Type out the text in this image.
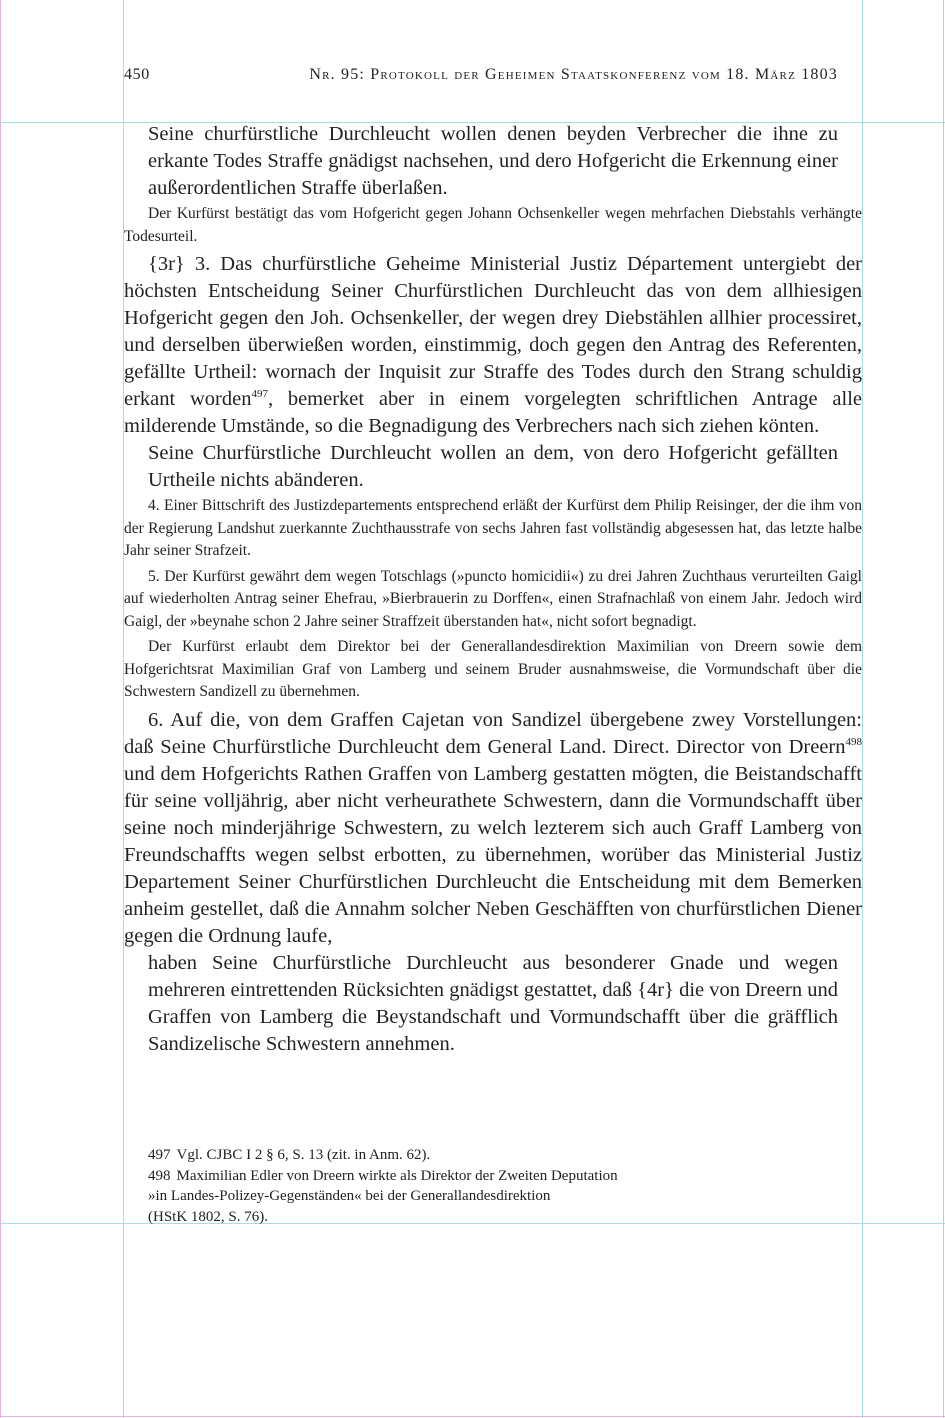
450	Nr. 95: Protokoll der Geheimen Staatskonferenz vom 18. März 1803

Seine churfürstliche Durchleucht wollen denen beyden Verbrecher die ihne zu erkante Todes Straffe gnädigst nachsehen, und dero Hofgericht die Erkennung einer außerordentlichen Straffe überlaßen.

Der Kurfürst bestätigt das vom Hofgericht gegen Johann Ochsenkeller wegen mehrfachen Diebstahls verhängte Todesurteil.

{3r} 3. Das churfürstliche Geheime Ministerial Justiz Département untergiebt der höchsten Entscheidung Seiner Churfürstlichen Durchleucht das von dem allhiesigen Hofgericht gegen den Joh. Ochsenkeller, der wegen drey Diebstählen allhier processiret, und derselben überwießen worden, einstimmig, doch gegen den Antrag des Referenten, gefällte Urtheil: wornach der Inquisit zur Straffe des Todes durch den Strang schuldig erkant worden$^{497}$, bemerket aber in einem vorgelegten schriftlichen Antrage alle milderende Umstände, so die Begnadigung des Verbrechers nach sich ziehen könten.

Seine Churfürstliche Durchleucht wollen an dem, von dero Hofgericht gefällten Urtheile nichts abänderen.

4. Einer Bittschrift des Justizdepartements entsprechend erläßt der Kurfürst dem Philip Reisinger, der die ihm von der Regierung Landshut zuerkannte Zuchthausstrafe von sechs Jahren fast vollständig abgesessen hat, das letzte halbe Jahr seiner Strafzeit.

5. Der Kurfürst gewährt dem wegen Totschlags (»puncto homicidii«) zu drei Jahren Zuchthaus verurteilten Gaigl auf wiederholten Antrag seiner Ehefrau, »Bierbrauerin zu Dorffen«, einen Strafnachlaß von einem Jahr. Jedoch wird Gaigl, der »beynahe schon 2 Jahre seiner Straffzeit überstanden hat«, nicht sofort begnadigt.

Der Kurfürst erlaubt dem Direktor bei der Generallandesdirektion Maximilian von Dreern sowie dem Hofgerichtsrat Maximilian Graf von Lamberg und seinem Bruder ausnahmsweise, die Vormundschaft über die Schwestern Sandizell zu übernehmen.

6. Auf die, von dem Graffen Cajetan von Sandizel übergebene zwey Vorstellungen: daß Seine Churfürstliche Durchleucht dem General Land. Direct. Director von Dreern$^{498}$ und dem Hofgerichts Rathen Graffen von Lamberg gestatten mögten, die Beistandschafft für seine volljährig, aber nicht verheurathete Schwestern, dann die Vormundschafft über seine noch minderjährige Schwestern, zu welch lezterem sich auch Graff Lamberg von Freundschaffts wegen selbst erbotten, zu übernehmen, worüber das Ministerial Justiz Departement Seiner Churfürstlichen Durchleucht die Entscheidung mit dem Bemerken anheim gestellet, daß die Annahm solcher Neben Geschäfften von churfürstlichen Diener gegen die Ordnung laufe,

haben Seine Churfürstliche Durchleucht aus besonderer Gnade und wegen mehreren eintrettenden Rücksichten gnädigst gestattet, daß {4r} die von Dreern und Graffen von Lamberg die Beystandschaft und Vormundschafft über die gräfflich Sandizelische Schwestern annehmen.

497 Vgl. CJBC I 2 § 6, S. 13 (zit. in Anm. 62).

498 Maximilian Edler von Dreern wirkte als Direktor der Zweiten Deputation

»in Landes-Polizey-Gegenständen« bei der Generallandesdirektion

(HStK 1802, S. 76).
